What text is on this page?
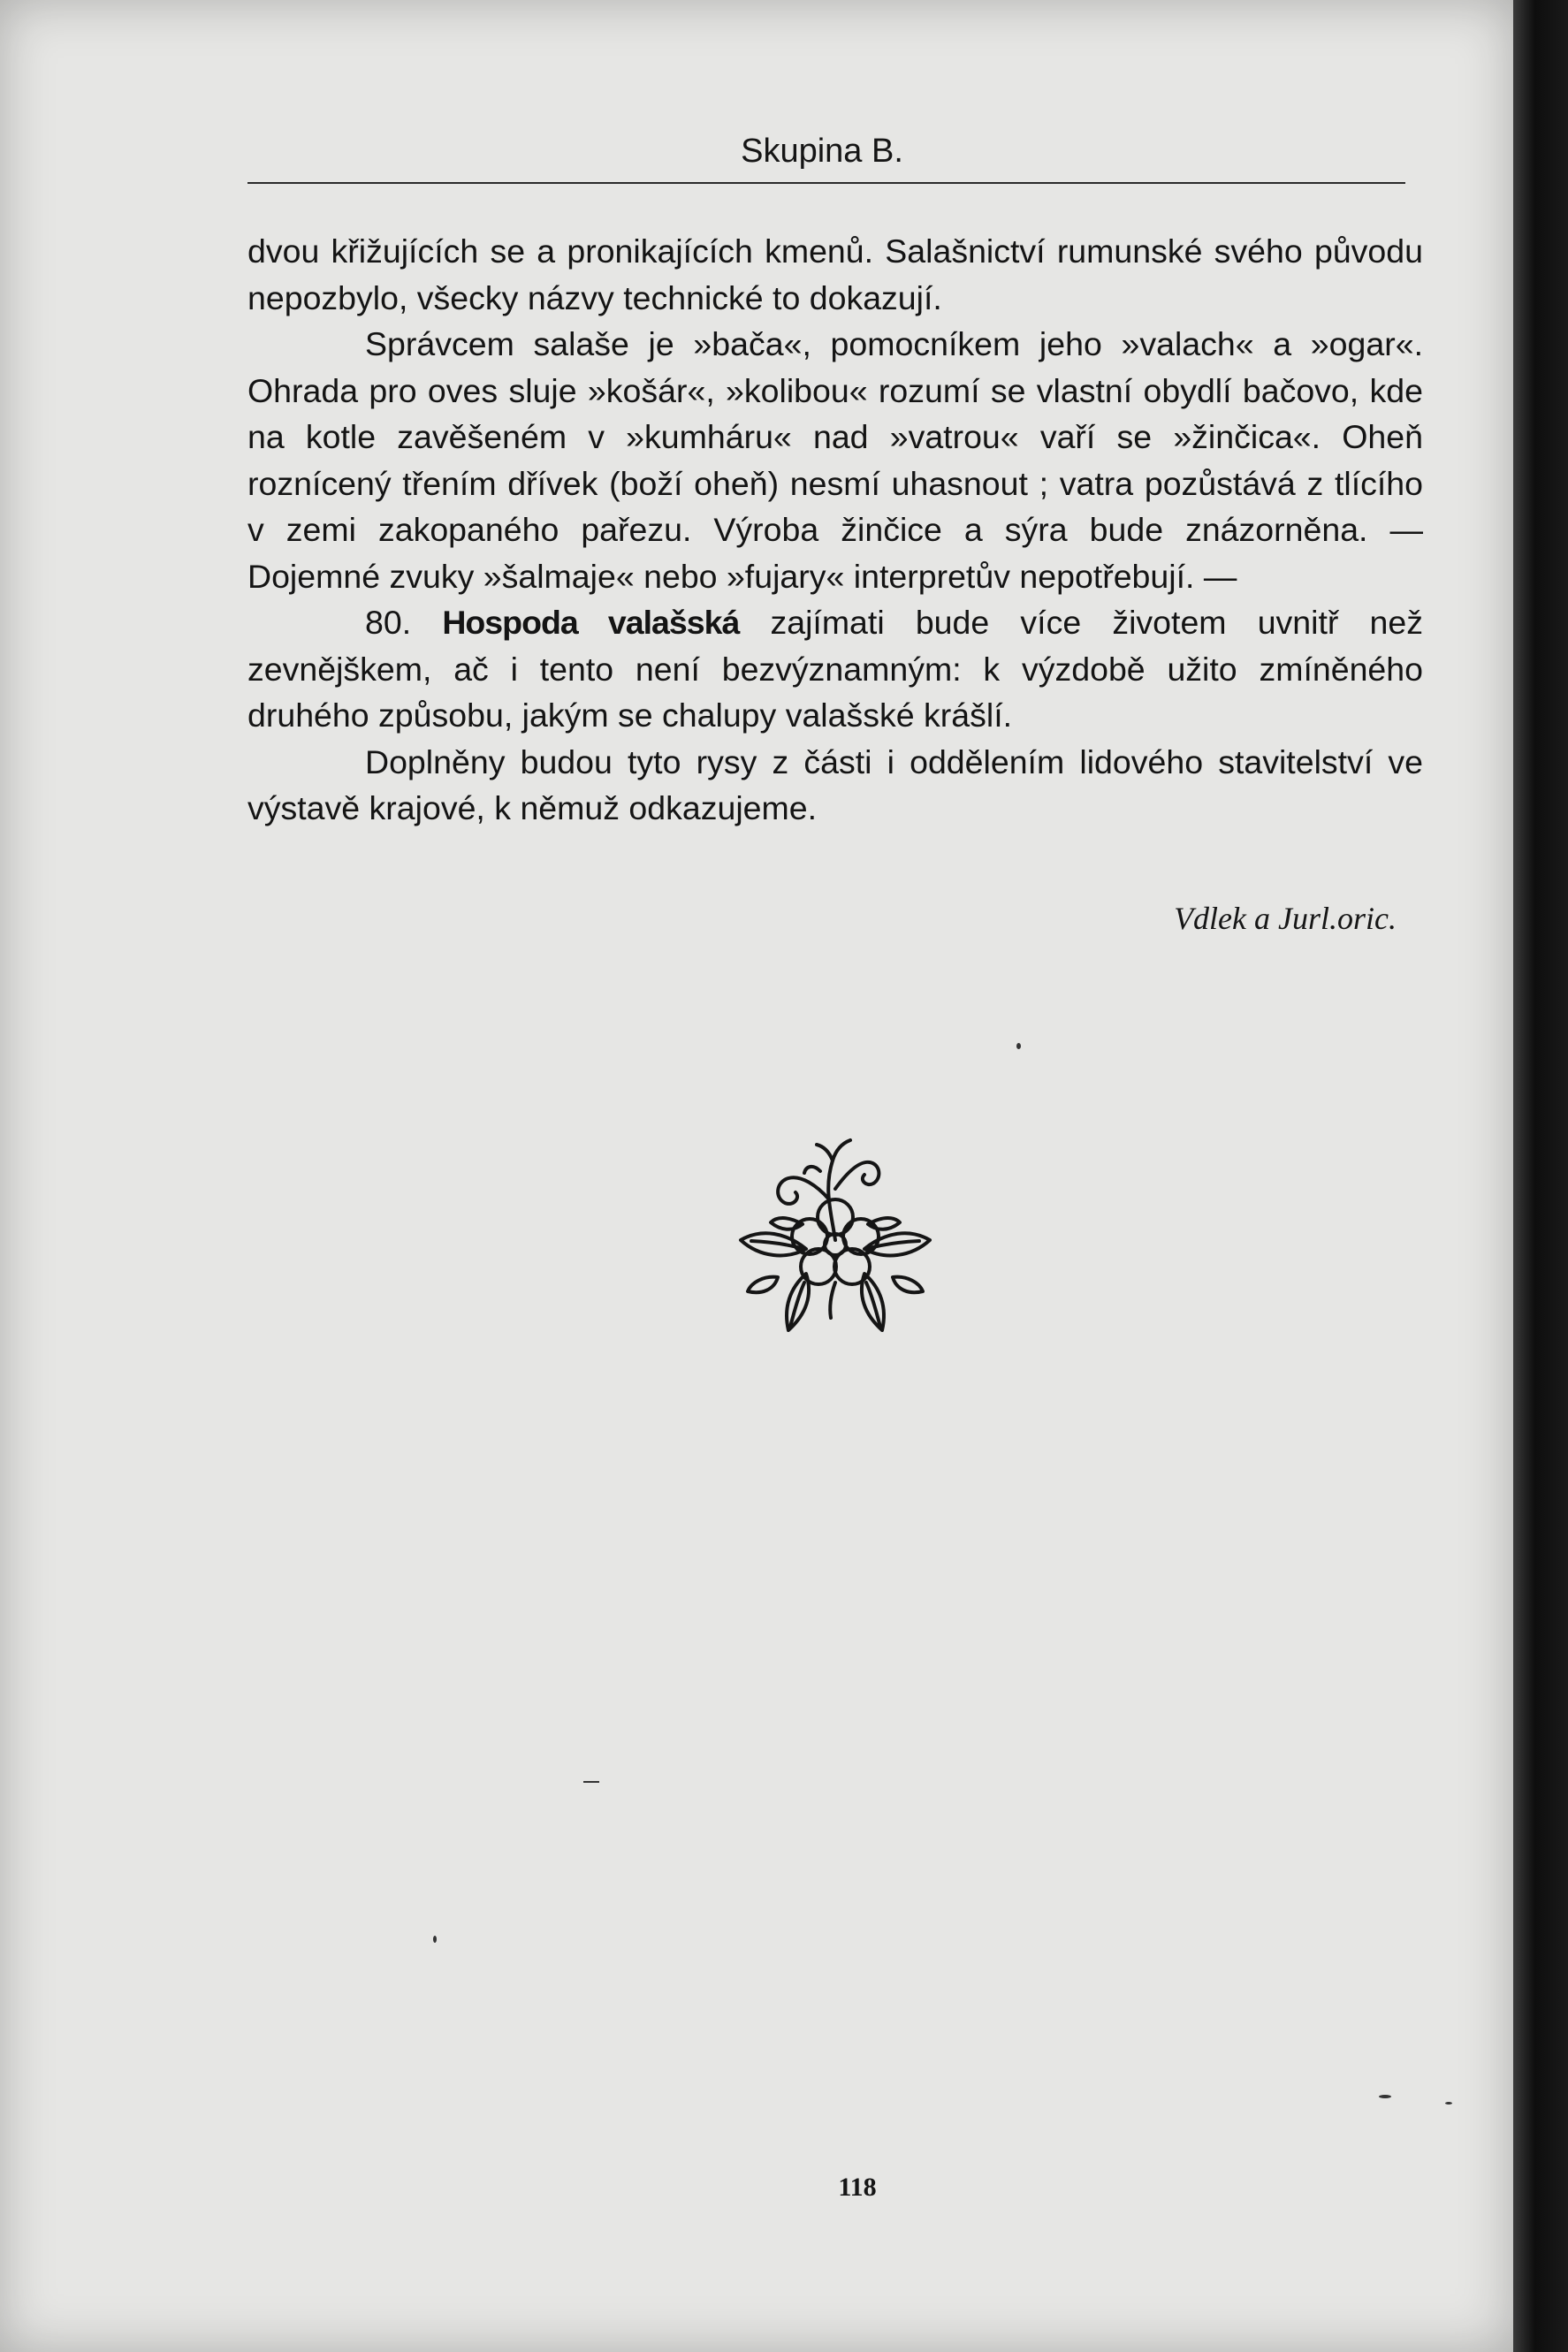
Skupina B.

dvou křižujících se a pronikajících kmenů. Salašnictví rumunské svého původu nepozbylo, všecky názvy technické to dokazují.

Správcem salaše je »bača«, pomocníkem jeho »valach« a »ogar«. Ohrada pro oves sluje »košár«, »kolibou« rozumí se vlastní obydlí bačovo, kde na kotle zavěšeném v »kumháru« nad »vatrou« vaří se »žinčica«. Oheň roznícený třením dřívek (boží oheň) nesmí uhasnout ; vatra pozůstává z tlícího v zemi zakopaného pařezu. Výroba žinčice a sýra bude znázorněna. — Dojemné zvuky »šalmaje« nebo »fujary« interpretův nepotřebují. —

80. Hospoda valašská zajímati bude více životem uvnitř než zevnějškem, ač i tento není bezvýznamným: k výzdobě užito zmíněného druhého způsobu, jakým se chalupy valašské krášlí.

Doplněny budou tyto rysy z části i oddělením lidového stavitelství ve výstavě krajové, k němuž odkazujeme.

Vdlek a Jurl.oric.
118
